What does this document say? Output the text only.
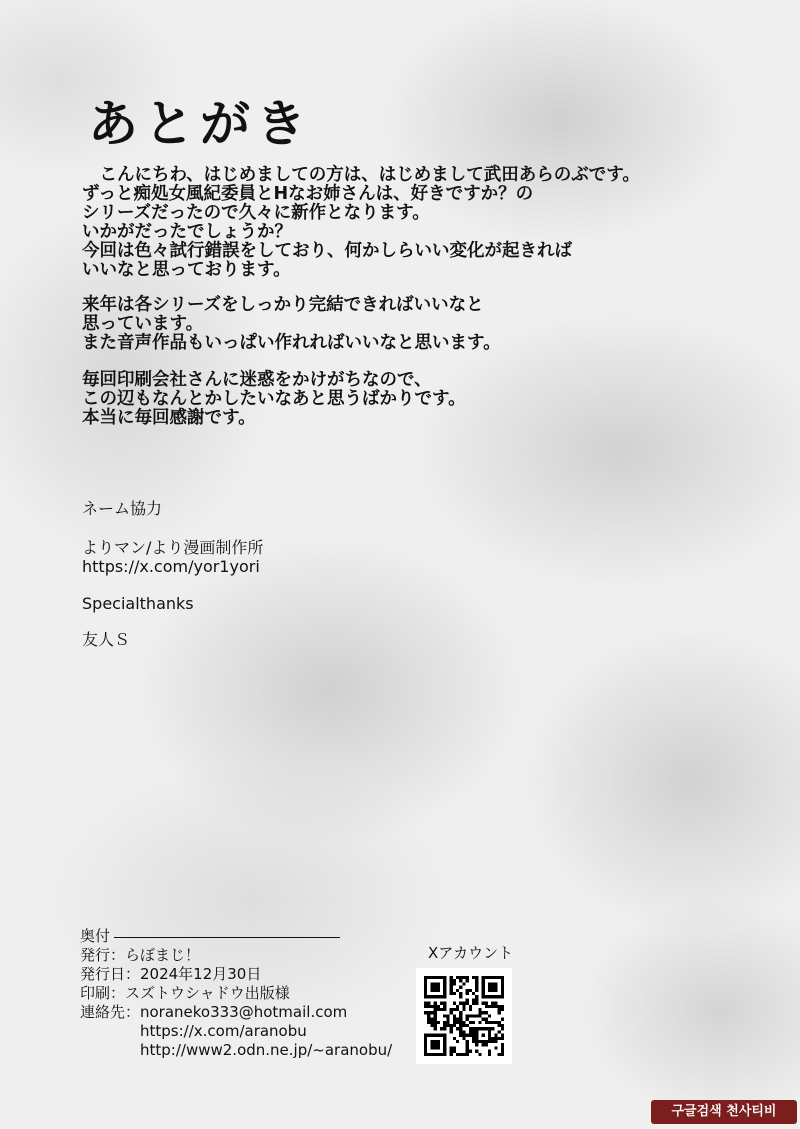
あとがき
　こんにちわ、はじめましての方は、はじめまして武田あらのぶです。
ずっと痴処女風紀委員とHなお姉さんは、好きですか？の
シリーズだったので久々に新作となります。
いかがだったでしょうか？
今回は色々試行錯誤をしており、何かしらいい変化が起きれば
いいなと思っております。
来年は各シリーズをしっかり完結できればいいなと
思っています。
また音声作品もいっぱい作れればいいなと思います。
毎回印刷会社さんに迷惑をかけがちなので、
この辺もなんとかしたいなあと思うばかりです。
本当に毎回感謝です。
ネーム協力
よりマン/より漫画制作所
https://x.com/yor1yori
Specialthanks
友人Ｓ
奥付
発行：らぼまじ！
発行日：2024年12月30日
印刷：スズトウシャドウ出版様
連絡先：noraneko333@hotmail.com
https://x.com/aranobu
http://www2.odn.ne.jp/~aranobu/
Xアカウント
구글검색 천사티비
